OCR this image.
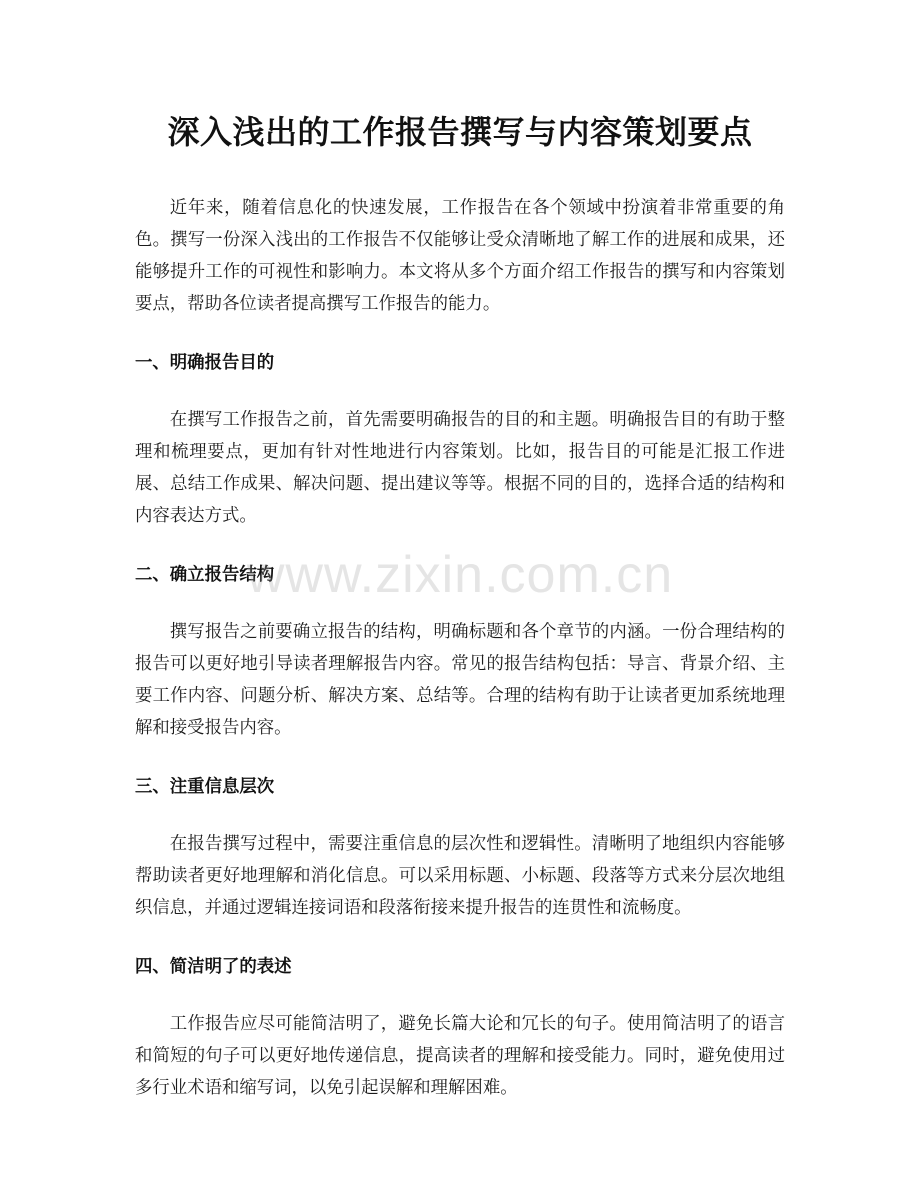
深入浅出的工作报告撰写与内容策划要点

近年来，随着信息化的快速发展，工作报告在各个领域中扮演着非常重要的角色。撰写一份深入浅出的工作报告不仅能够让受众清晰地了解工作的进展和成果，还能够提升工作的可视性和影响力。本文将从多个方面介绍工作报告的撰写和内容策划要点，帮助各位读者提高撰写工作报告的能力。

一、明确报告目的

在撰写工作报告之前，首先需要明确报告的目的和主题。明确报告目的有助于整理和梳理要点，更加有针对性地进行内容策划。比如，报告目的可能是汇报工作进展、总结工作成果、解决问题、提出建议等等。根据不同的目的，选择合适的结构和内容表达方式。

二、确立报告结构

撰写报告之前要确立报告的结构，明确标题和各个章节的内涵。一份合理结构的报告可以更好地引导读者理解报告内容。常见的报告结构包括：导言、背景介绍、主要工作内容、问题分析、解决方案、总结等。合理的结构有助于让读者更加系统地理解和接受报告内容。

三、注重信息层次

在报告撰写过程中，需要注重信息的层次性和逻辑性。清晰明了地组织内容能够帮助读者更好地理解和消化信息。可以采用标题、小标题、段落等方式来分层次地组织信息，并通过逻辑连接词语和段落衔接来提升报告的连贯性和流畅度。

四、简洁明了的表述

工作报告应尽可能简洁明了，避免长篇大论和冗长的句子。使用简洁明了的语言和简短的句子可以更好地传递信息，提高读者的理解和接受能力。同时，避免使用过多行业术语和缩写词，以免引起误解和理解困难。

www.zixin.com.cn
